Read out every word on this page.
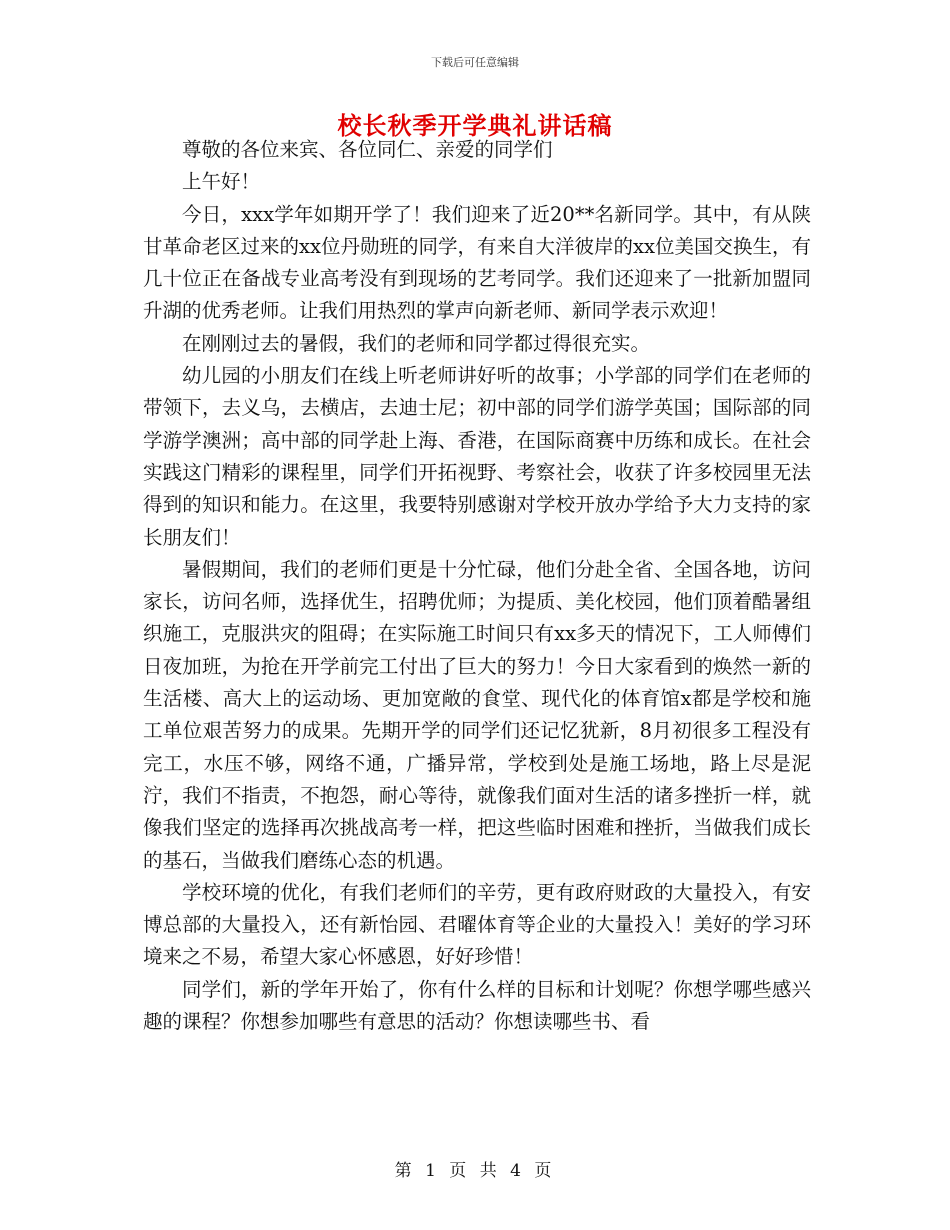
下载后可任意编辑
校长秋季开学典礼讲话稿

尊敬的各位来宾、各位同仁、亲爱的同学们

上午好！

今日，xxx学年如期开学了！我们迎来了近20**名新同学。其中，有从陕甘革命老区过来的xx位丹勋班的同学，有来自大洋彼岸的xx位美国交换生，有几十位正在备战专业高考没有到现场的艺考同学。我们还迎来了一批新加盟同升湖的优秀老师。让我们用热烈的掌声向新老师、新同学表示欢迎！

在刚刚过去的暑假，我们的老师和同学都过得很充实。

幼儿园的小朋友们在线上听老师讲好听的故事；小学部的同学们在老师的带领下，去义乌，去横店，去迪士尼；初中部的同学们游学英国；国际部的同学游学澳洲；高中部的同学赴上海、香港，在国际商赛中历练和成长。在社会实践这门精彩的课程里，同学们开拓视野、考察社会，收获了许多校园里无法得到的知识和能力。在这里，我要特别感谢对学校开放办学给予大力支持的家长朋友们！

暑假期间，我们的老师们更是十分忙碌，他们分赴全省、全国各地，访问家长，访问名师，选择优生，招聘优师；为提质、美化校园，他们顶着酷暑组织施工，克服洪灾的阻碍；在实际施工时间只有xx多天的情况下，工人师傅们日夜加班，为抢在开学前完工付出了巨大的努力！今日大家看到的焕然一新的生活楼、高大上的运动场、更加宽敞的食堂、现代化的体育馆x都是学校和施工单位艰苦努力的成果。先期开学的同学们还记忆犹新，8月初很多工程没有完工，水压不够，网络不通，广播异常，学校到处是施工场地，路上尽是泥泞，我们不指责，不抱怨，耐心等待，就像我们面对生活的诸多挫折一样，就像我们坚定的选择再次挑战高考一样，把这些临时困难和挫折，当做我们成长的基石，当做我们磨练心态的机遇。

学校环境的优化，有我们老师们的辛劳，更有政府财政的大量投入，有安博总部的大量投入，还有新怡园、君曜体育等企业的大量投入！美好的学习环境来之不易，希望大家心怀感恩，好好珍惜！

同学们，新的学年开始了，你有什么样的目标和计划呢？你想学哪些感兴趣的课程？你想参加哪些有意思的活动？你想读哪些书、看

第 1 页 共 4 页
